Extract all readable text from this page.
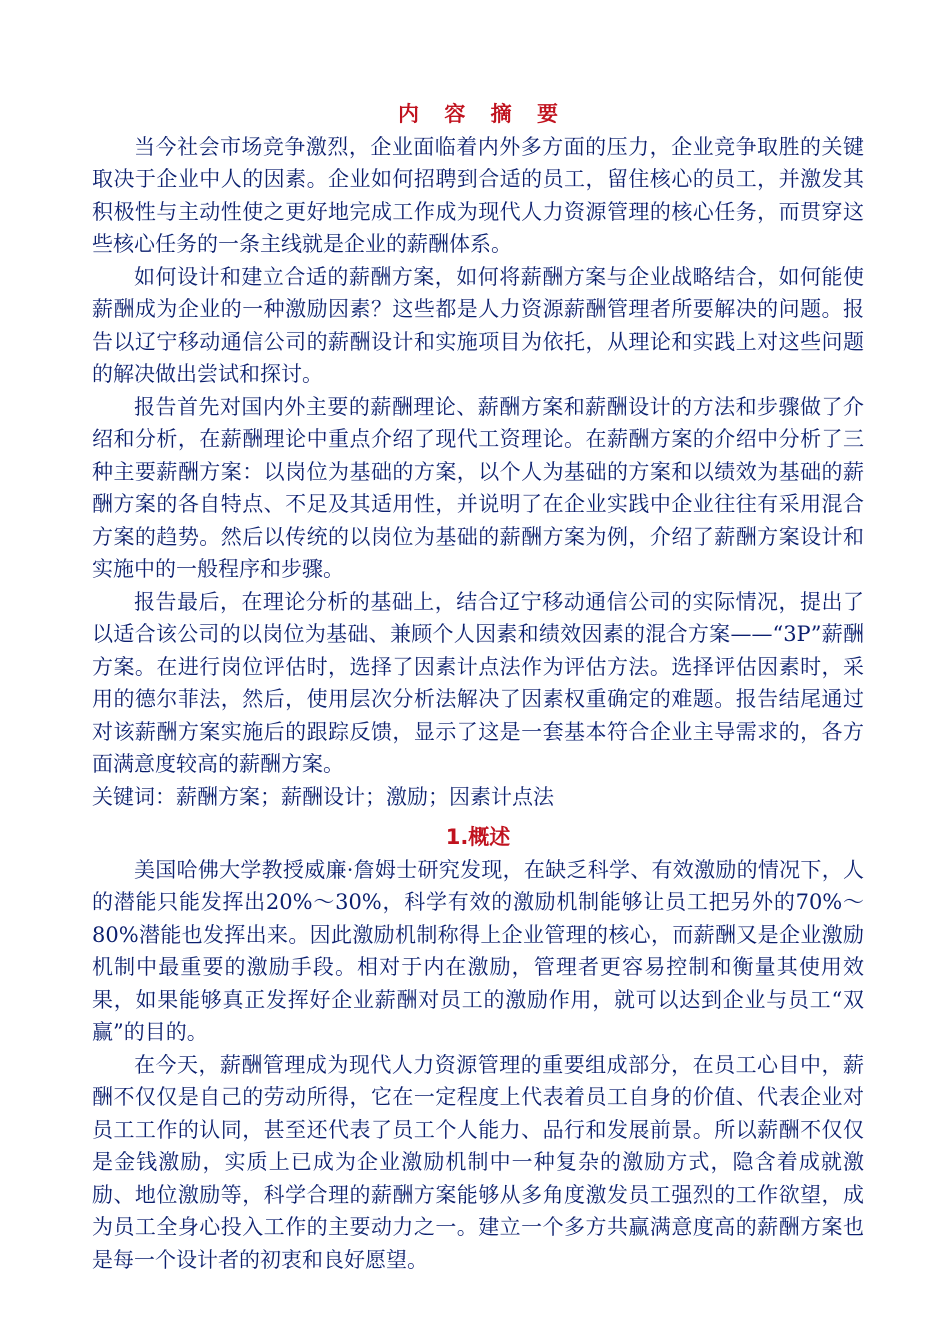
内 容 摘 要

当今社会市场竞争激烈，企业面临着内外多方面的压力，企业竞争取胜的关键取决于企业中人的因素。企业如何招聘到合适的员工，留住核心的员工，并激发其积极性与主动性使之更好地完成工作成为现代人力资源管理的核心任务，而贯穿这些核心任务的一条主线就是企业的薪酬体系。

如何设计和建立合适的薪酬方案，如何将薪酬方案与企业战略结合，如何能使薪酬成为企业的一种激励因素？这些都是人力资源薪酬管理者所要解决的问题。报告以辽宁移动通信公司的薪酬设计和实施项目为依托，从理论和实践上对这些问题的解决做出尝试和探讨。

报告首先对国内外主要的薪酬理论、薪酬方案和薪酬设计的方法和步骤做了介绍和分析，在薪酬理论中重点介绍了现代工资理论。在薪酬方案的介绍中分析了三种主要薪酬方案：以岗位为基础的方案，以个人为基础的方案和以绩效为基础的薪酬方案的各自特点、不足及其适用性，并说明了在企业实践中企业往往有采用混合方案的趋势。然后以传统的以岗位为基础的薪酬方案为例，介绍了薪酬方案设计和实施中的一般程序和步骤。

报告最后，在理论分析的基础上，结合辽宁移动通信公司的实际情况，提出了以适合该公司的以岗位为基础、兼顾个人因素和绩效因素的混合方案——“3P”薪酬方案。在进行岗位评估时，选择了因素计点法作为评估方法。选择评估因素时，采用的德尔菲法，然后，使用层次分析法解决了因素权重确定的难题。报告结尾通过对该薪酬方案实施后的跟踪反馈，显示了这是一套基本符合企业主导需求的，各方面满意度较高的薪酬方案。

关键词：薪酬方案；薪酬设计；激励；因素计点法

1.概述

美国哈佛大学教授威廉·詹姆士研究发现，在缺乏科学、有效激励的情况下，人的潜能只能发挥出20%～30%，科学有效的激励机制能够让员工把另外的70%～80%潜能也发挥出来。因此激励机制称得上企业管理的核心，而薪酬又是企业激励机制中最重要的激励手段。相对于内在激励，管理者更容易控制和衡量其使用效果，如果能够真正发挥好企业薪酬对员工的激励作用，就可以达到企业与员工“双赢”的目的。

在今天，薪酬管理成为现代人力资源管理的重要组成部分，在员工心目中，薪酬不仅仅是自己的劳动所得，它在一定程度上代表着员工自身的价值、代表企业对员工工作的认同，甚至还代表了员工个人能力、品行和发展前景。所以薪酬不仅仅是金钱激励，实质上已成为企业激励机制中一种复杂的激励方式，隐含着成就激励、地位激励等，科学合理的薪酬方案能够从多角度激发员工强烈的工作欲望，成为员工全身心投入工作的主要动力之一。建立一个多方共赢满意度高的薪酬方案也是每一个设计者的初衷和良好愿望。
